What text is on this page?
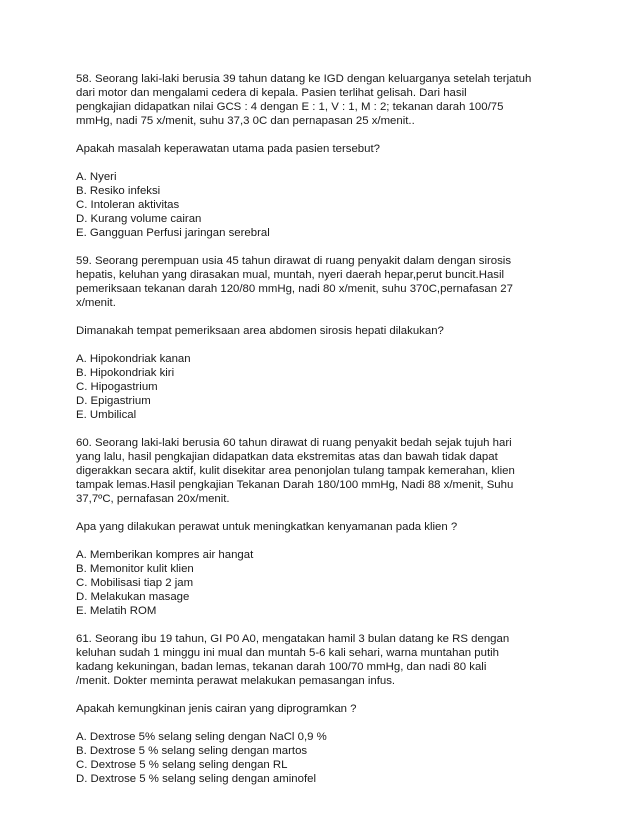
58. Seorang laki-laki berusia 39 tahun datang ke IGD dengan keluarganya setelah terjatuh
dari motor dan mengalami cedera di kepala. Pasien terlihat gelisah. Dari hasil
pengkajian didapatkan nilai GCS : 4 dengan E : 1, V : 1, M : 2; tekanan darah 100/75
mmHg, nadi 75 x/menit, suhu 37,3 0C dan pernapasan 25 x/menit..
Apakah masalah keperawatan utama pada pasien tersebut?
A. Nyeri
B. Resiko infeksi
C. Intoleran aktivitas
D. Kurang volume cairan
E. Gangguan Perfusi jaringan serebral
59. Seorang perempuan usia 45 tahun dirawat di ruang penyakit dalam dengan sirosis
hepatis, keluhan yang dirasakan mual, muntah, nyeri daerah hepar,perut buncit.Hasil
pemeriksaan tekanan darah 120/80 mmHg, nadi 80 x/menit, suhu 370C,pernafasan 27
x/menit.
Dimanakah tempat pemeriksaan area abdomen sirosis hepati dilakukan?
A. Hipokondriak kanan
B. Hipokondriak kiri
C. Hipogastrium
D. Epigastrium
E. Umbilical
60. Seorang laki-laki berusia 60 tahun dirawat di ruang penyakit bedah sejak tujuh hari
yang lalu, hasil pengkajian didapatkan data ekstremitas atas dan bawah tidak dapat
digerakkan secara aktif, kulit disekitar area penonjolan tulang tampak kemerahan, klien
tampak lemas.Hasil pengkajian Tekanan Darah 180/100 mmHg, Nadi 88 x/menit, Suhu
37,7ºC, pernafasan 20x/menit.
Apa yang dilakukan perawat untuk meningkatkan kenyamanan pada klien ?
A. Memberikan kompres air hangat
B. Memonitor kulit klien
C. Mobilisasi tiap 2 jam
D. Melakukan masage
E. Melatih ROM
61. Seorang ibu 19 tahun, GI P0 A0, mengatakan hamil 3 bulan datang ke RS dengan
keluhan sudah 1 minggu ini mual dan muntah 5-6 kali sehari, warna muntahan putih
kadang kekuningan, badan lemas, tekanan darah 100/70 mmHg, dan nadi 80 kali
/menit. Dokter meminta perawat melakukan pemasangan infus.
Apakah kemungkinan jenis cairan yang diprogramkan ?
A. Dextrose 5% selang seling dengan NaCl 0,9 %
B. Dextrose 5 % selang seling dengan martos
C. Dextrose 5 % selang seling dengan RL
D. Dextrose 5 % selang seling dengan aminofel
